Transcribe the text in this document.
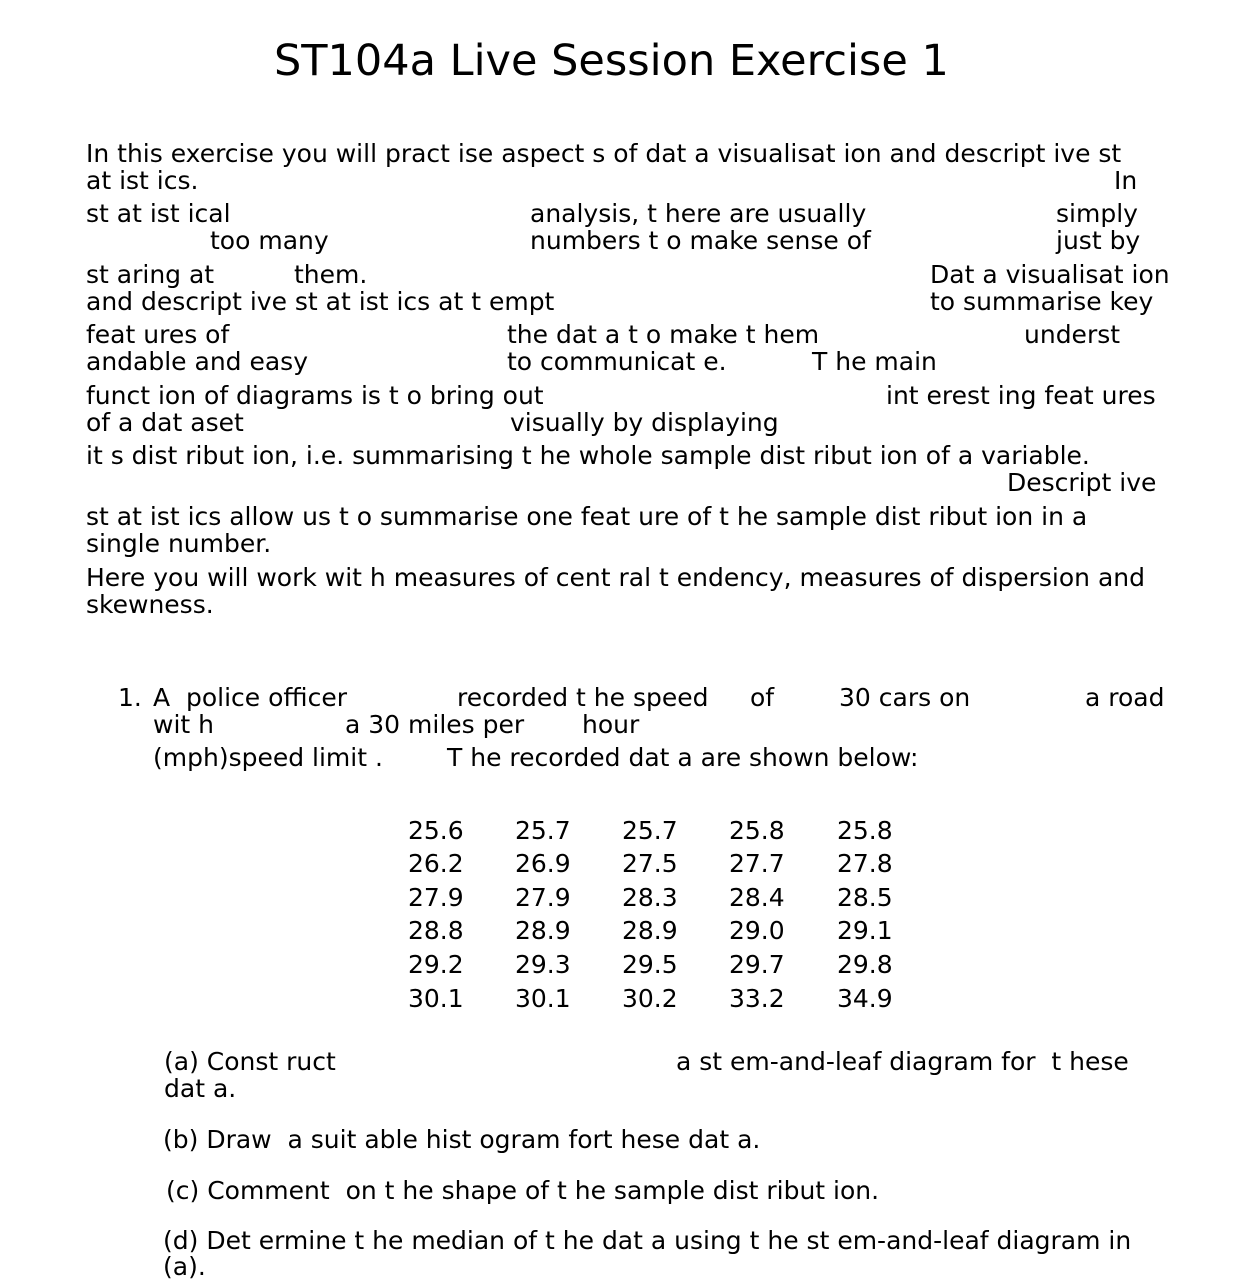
ST104a Live Session Exercise 1
In this exercise you will pract ise aspect s of dat a visualisat ion and descript ive st
at ist ics.	In
st at ist ical	analysis, t here are usually	simply
too many	numbers t o make sense of	just by
st aring at	them.	Dat a visualisat ion
and descript ive st at ist ics at t empt	to summarise key
feat ures of	the dat a t o make t hem	underst
andable and easy	to communicat e.	T he main
funct ion of diagrams is t o bring out	int erest ing feat ures
of a dat aset	visually by displaying
it s dist ribut ion, i.e. summarising t he whole sample dist ribut ion of a variable.
Descript ive
st at ist ics allow us t o summarise one feat ure of t he sample dist ribut ion in a
single number.
Here you will work wit h measures of cent ral t endency, measures of dispersion and
skewness.
1. A  police officer	recorded t he speed of	30 cars on	a road
wit h	a 30 miles per hour
(mph)speed limit .	T he recorded dat a are shown below:
25.6	25.7	25.7	25.8	25.8
26.2	26.9	27.5	27.7	27.8
27.9	27.9	28.3	28.4	28.5
28.8	28.9	28.9	29.0	29.1
29.2	29.3	29.5	29.7	29.8
30.1	30.1	30.2	33.2	34.9
(a) Const ruct	a st em-and-leaf diagram for  t hese
dat a.
(b) Draw  a suit able hist ogram fort hese dat a.
(c) Comment  on t he shape of t he sample dist ribut ion.
(d) Det ermine t he median of t he dat a using t he st em-and-leaf diagram in
(a).
